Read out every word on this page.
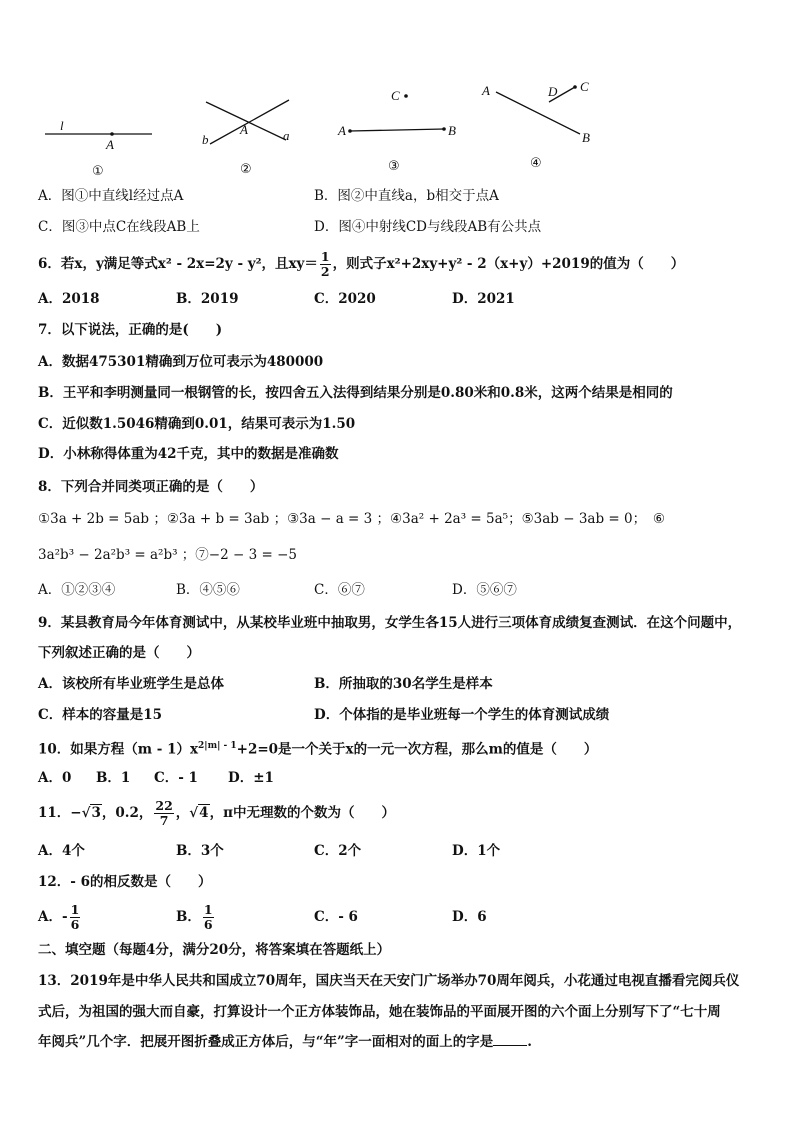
l
A
①
b
A	a
②
C
A	B
③
A	D C
B
④
A．图①中直线l经过点A	B．图②中直线a，b相交于点A
C．图③中点C在线段AB上	D．图④中射线CD与线段AB有公共点
6．若x，y满足等式x² - 2x=2y - y²，且$xy= \frac{1}{2}$ ，则式子x²+2xy+y² - 2（x+y）+2019的值为（　　）
A．2018	B．2019	C．2020	D．2021
7．以下说法，正确的是(　　)
A．数据475301精确到万位可表示为480000
B．王平和李明测量同一根钢管的长，按四舍五入法得到结果分别是0.80米和0.8米，这两个结果是相同的
C．近似数1.5046精确到0.01，结果可表示为1.50
D．小林称得体重为42千克，其中的数据是准确数
8．下列合并同类项正确的是（　　）
①3a + 2b = 5ab ；②3a + b = 3ab ；③3a − a = 3 ；④3a² + 2a³ = 5a⁵；⑤3ab − 3ab = 0；　⑥
3a²b³ − 2a²b³ = a²b³ ；⑦−2 − 3 = −5
A．①②③④	B．④⑤⑥	C．⑥⑦	D．⑤⑥⑦
9．某县教育局今年体育测试中，从某校毕业班中抽取男，女学生各15人进行三项体育成绩复查测试．在这个问题中，
下列叙述正确的是（　　）
A．该校所有毕业班学生是总体	B．所抽取的30名学生是样本
C．样本的容量是15	D．个体指的是毕业班每一个学生的体育测试成绩
10．如果方程$(m - 1)x^{2|m| - 1}+2=0$是一个关于x的一元一次方程，那么m的值是（　　）
A．0 B．1 C．- 1 D．±1
11．−√3，0.2， $\frac{22}{7}$ ，√4，π中无理数的个数为（　　）
A．4个	B．3个	C．2个	D．1个
12．- 6的相反数是（　　）
A．- $\frac{1}{6}$	B． $\frac{1}{6}$	C．- 6	D．6
二、填空题（每题4分，满分20分，将答案填在答题纸上）
13．2019年是中华人民共和国成立70周年，国庆当天在天安门广场举办70周年阅兵，小花通过电视直播看完阅兵仪
式后，为祖国的强大而自豪，打算设计一个正方体装饰品，她在装饰品的平面展开图的六个面上分别写下了“七十周
年阅兵”几个字．把展开图折叠成正方体后，与“年”字一面相对的面上的字是	.
